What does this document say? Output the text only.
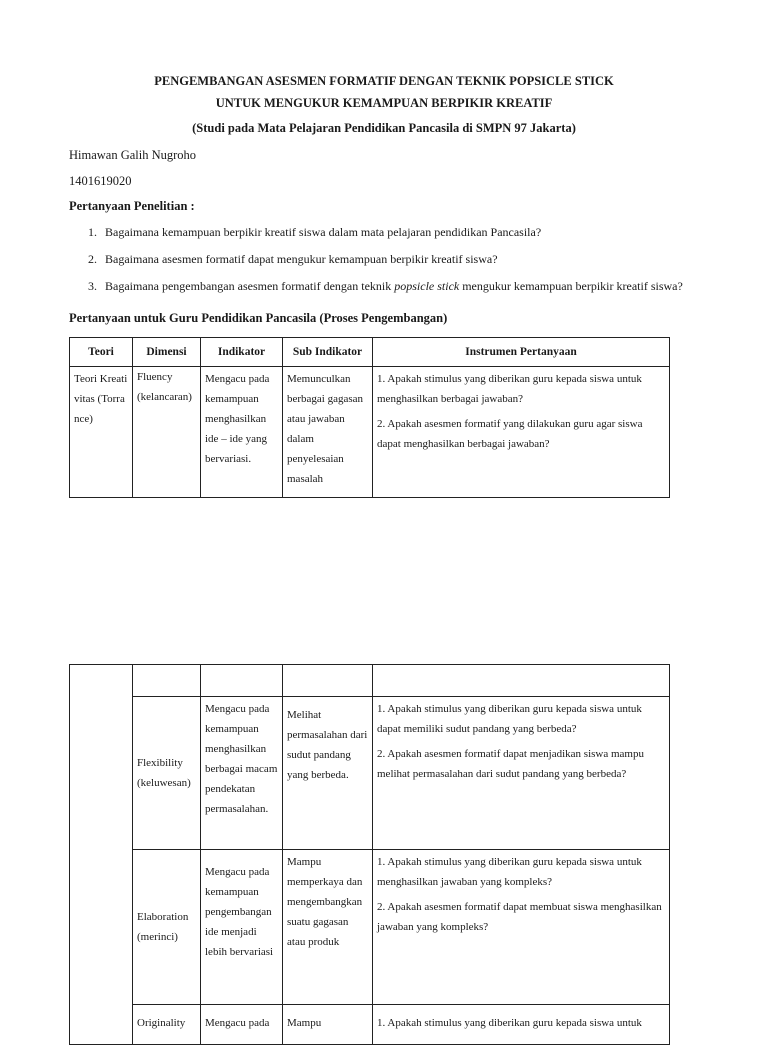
PENGEMBANGAN ASESMEN FORMATIF DENGAN TEKNIK POPSICLE STICK
UNTUK MENGUKUR KEMAMPUAN BERPIKIR KREATIF
(Studi pada Mata Pelajaran Pendidikan Pancasila di SMPN 97 Jakarta)
Himawan Galih Nugroho
1401619020
Pertanyaan Penelitian :
1. Bagaimana kemampuan berpikir kreatif siswa dalam mata pelajaran pendidikan Pancasila?
2. Bagaimana asesmen formatif dapat mengukur kemampuan berpikir kreatif siswa?
3. Bagaimana pengembangan asesmen formatif dengan teknik popsicle stick mengukur kemampuan berpikir kreatif siswa?
Pertanyaan untuk Guru Pendidikan Pancasila (Proses Pengembangan)
Teori	Dimensi	Indikator	Sub Indikator	Instrumen Pertanyaan
Teori Kreativitas (Torrance)	Fluency (kelancaran)	Mengacu pada kemampuan menghasilkan ide – ide yang bervariasi.	Memunculkan berbagai gagasan atau jawaban dalam penyelesaian masalah	1. Apakah stimulus yang diberikan guru kepada siswa untuk menghasilkan berbagai jawaban?

2. Apakah asesmen formatif yang dilakukan guru agar siswa dapat menghasilkan berbagai jawaban?

	Flexibility (keluwesan)	Mengacu pada kemampuan menghasilkan berbagai macam pendekatan permasalahan.	Melihat permasalahan dari sudut pandang yang berbeda.	1. Apakah stimulus yang diberikan guru kepada siswa untuk dapat memiliki sudut pandang yang berbeda?

2. Apakah asesmen formatif dapat menjadikan siswa mampu melihat permasalahan dari sudut pandang yang berbeda?

	Elaboration (merinci)	Mengacu pada kemampuan pengembangan ide menjadi lebih bervariasi	Mampu memperkaya dan mengembangkan suatu gagasan atau produk	1. Apakah stimulus yang diberikan guru kepada siswa untuk menghasilkan jawaban yang kompleks?

2. Apakah asesmen formatif dapat membuat siswa menghasilkan jawaban yang kompleks?

	Originality	Mengacu pada	Mampu	1. Apakah stimulus yang diberikan guru kepada siswa untuk
